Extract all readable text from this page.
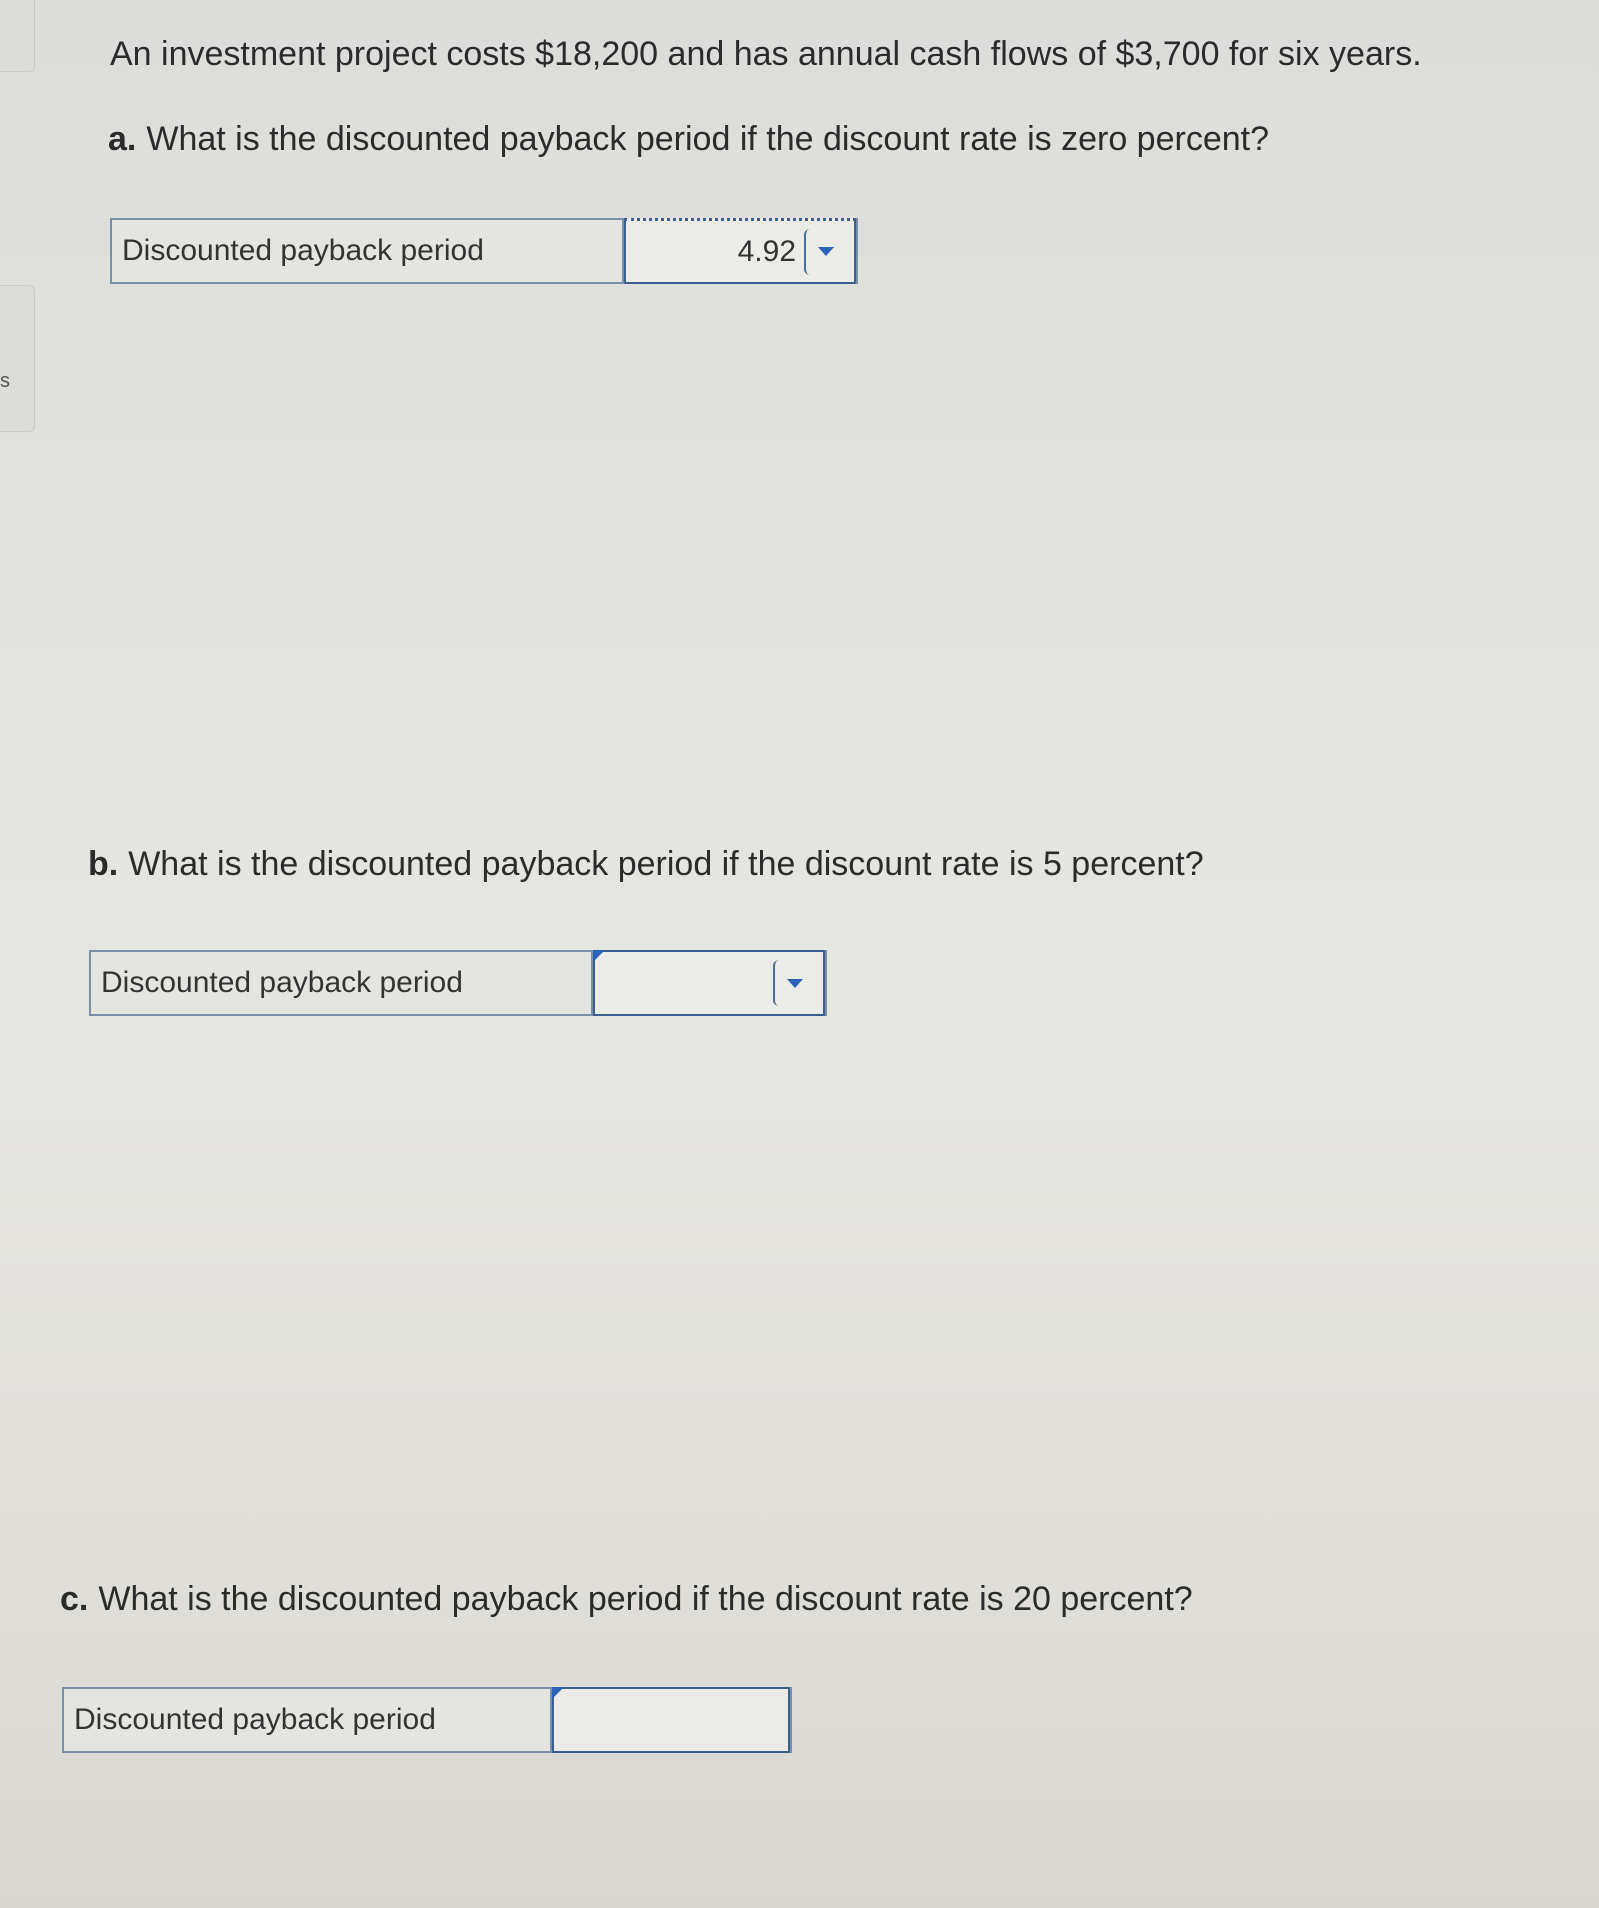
s

An investment project costs $18,200 and has annual cash flows of $3,700 for six years.

a. What is the discounted payback period if the discount rate is zero percent?

Discounted payback period	4.92

b. What is the discounted payback period if the discount rate is 5 percent?

Discounted payback period

c. What is the discounted payback period if the discount rate is 20 percent?

Discounted payback period
